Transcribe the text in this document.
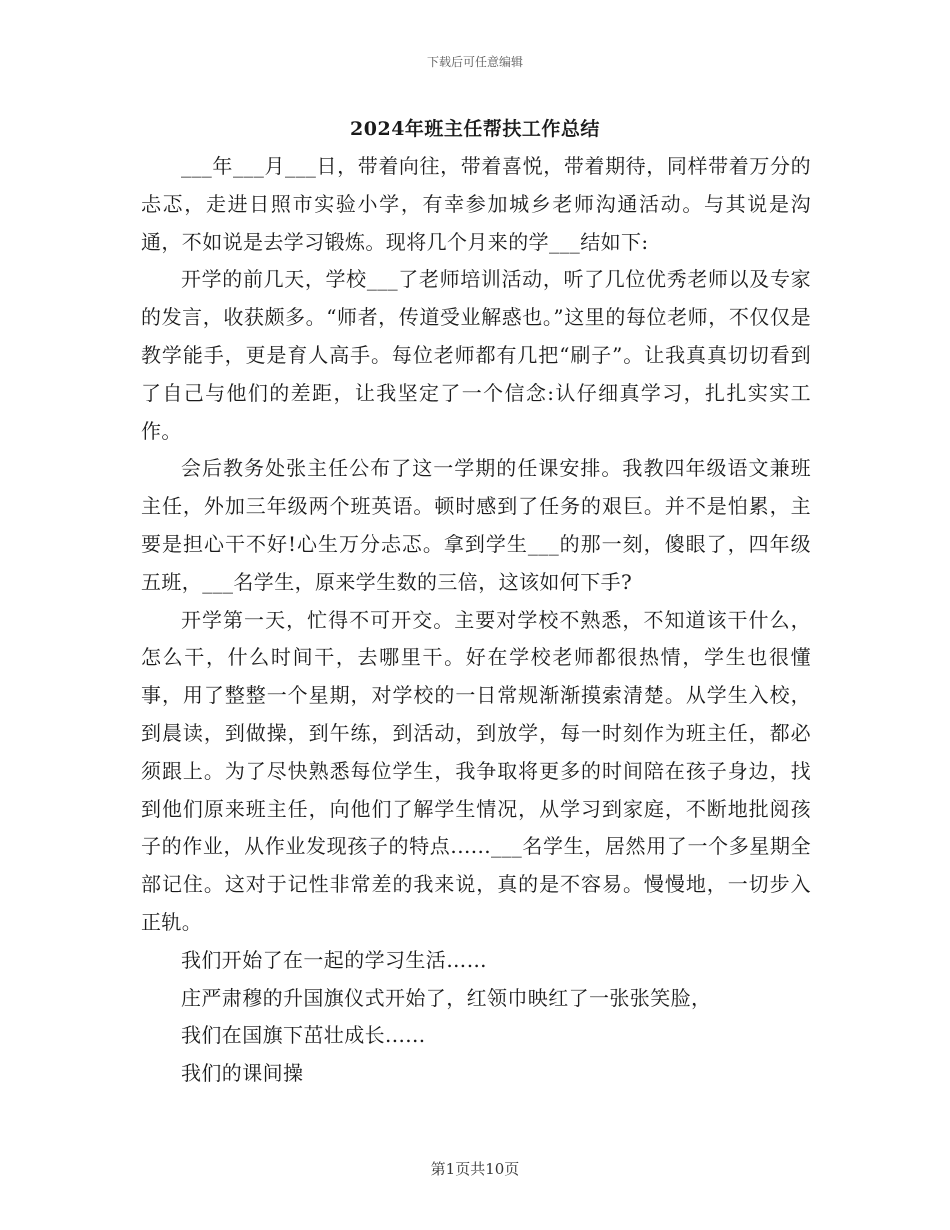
下载后可任意编辑
2024年班主任帮扶工作总结

___年___月___日，带着向往，带着喜悦，带着期待，同样带着万分的忐忑，走进日照市实验小学，有幸参加城乡老师沟通活动。与其说是沟通，不如说是去学习锻炼。现将几个月来的学___结如下:

开学的前几天，学校___了老师培训活动，听了几位优秀老师以及专家的发言，收获颇多。“师者，传道受业解惑也。”这里的每位老师，不仅仅是教学能手，更是育人高手。每位老师都有几把“刷子”。让我真真切切看到了自己与他们的差距，让我坚定了一个信念:认仔细真学习，扎扎实实工作。

会后教务处张主任公布了这一学期的任课安排。我教四年级语文兼班主任，外加三年级两个班英语。顿时感到了任务的艰巨。并不是怕累，主要是担心干不好!心生万分忐忑。拿到学生___的那一刻，傻眼了，四年级五班，___名学生，原来学生数的三倍，这该如何下手?

开学第一天，忙得不可开交。主要对学校不熟悉，不知道该干什么，怎么干，什么时间干，去哪里干。好在学校老师都很热情，学生也很懂事，用了整整一个星期，对学校的一日常规渐渐摸索清楚。从学生入校，到晨读，到做操，到午练，到活动，到放学，每一时刻作为班主任，都必须跟上。为了尽快熟悉每位学生，我争取将更多的时间陪在孩子身边，找到他们原来班主任，向他们了解学生情况，从学习到家庭，不断地批阅孩子的作业，从作业发现孩子的特点......___名学生，居然用了一个多星期全部记住。这对于记性非常差的我来说，真的是不容易。慢慢地，一切步入正轨。

我们开始了在一起的学习生活……

庄严肃穆的升国旗仪式开始了，红领巾映红了一张张笑脸，

我们在国旗下茁壮成长......

我们的课间操

第1页共10页
